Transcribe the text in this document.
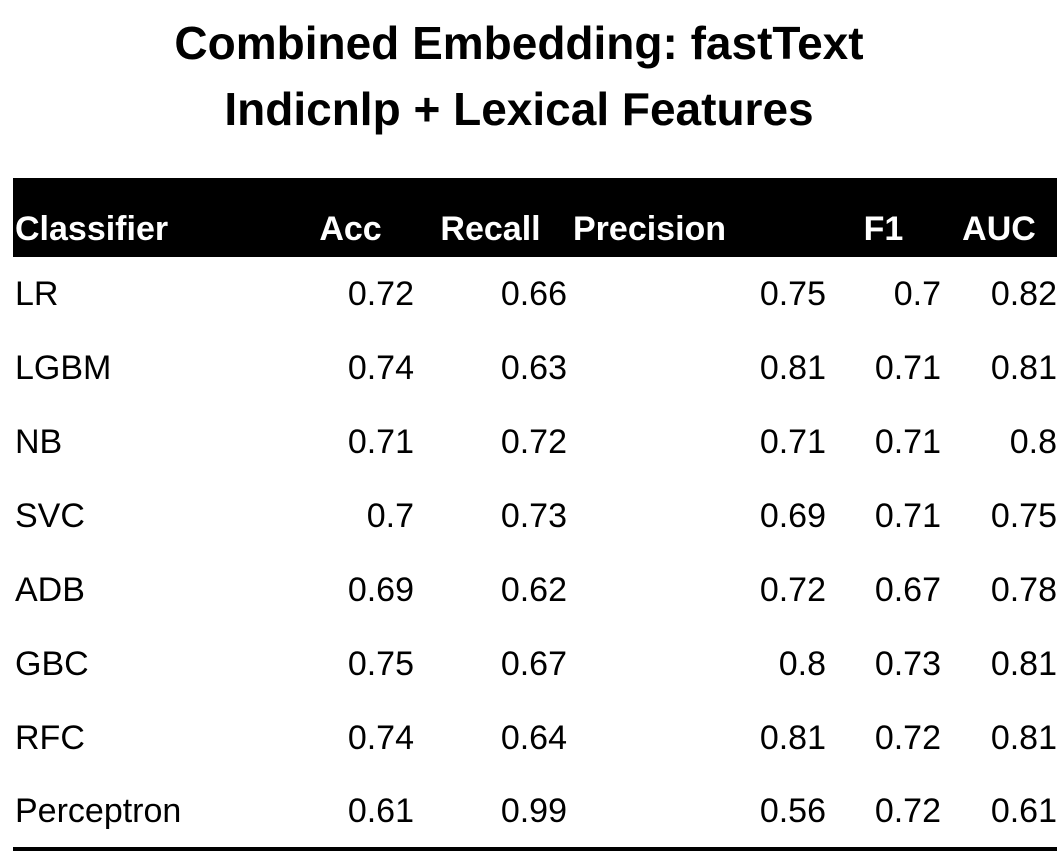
Combined Embedding: fastText
Indicnlp + Lexical Features
Classifier	Acc	Recall	Precision	F1	AUC
LR	0.72	0.66	0.75	0.7	0.82
LGBM	0.74	0.63	0.81	0.71	0.81
NB	0.71	0.72	0.71	0.71	0.8
SVC	0.7	0.73	0.69	0.71	0.75
ADB	0.69	0.62	0.72	0.67	0.78
GBC	0.75	0.67	0.8	0.73	0.81
RFC	0.74	0.64	0.81	0.72	0.81
Perceptron	0.61	0.99	0.56	0.72	0.61
